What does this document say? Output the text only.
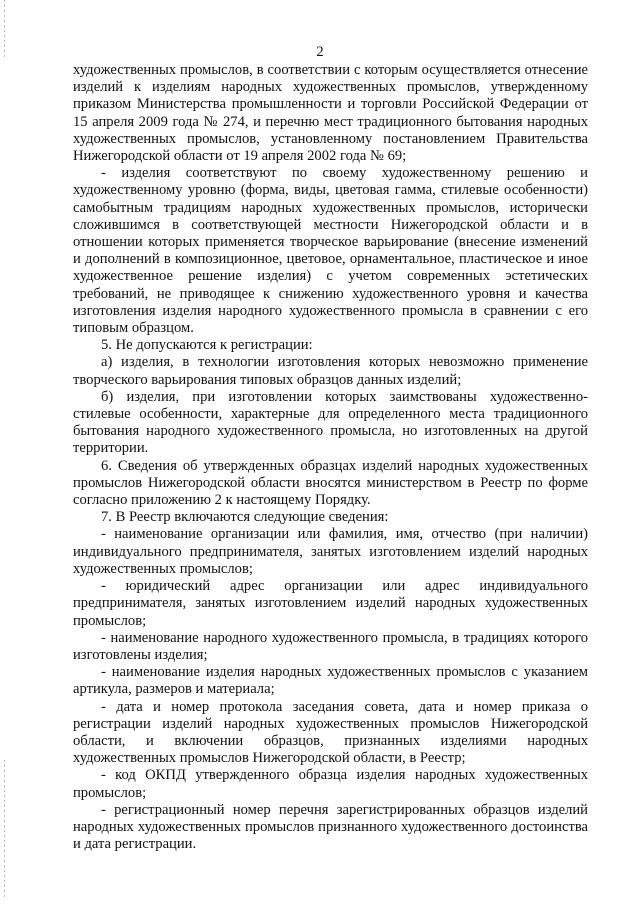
2

художественных промыслов, в соответствии с которым осуществляется отнесение изделий к изделиям народных художественных промыслов, утвержденному приказом Министерства промышленности и торговли Российской Федерации от 15 апреля 2009 года № 274, и перечню мест традиционного бытования народных художественных промыслов, установленному постановлением Правительства Нижегородской области от 19 апреля 2002 года № 69;

- изделия соответствуют по своему художественному решению и художественному уровню (форма, виды, цветовая гамма, стилевые особенности) самобытным традициям народных художественных промыслов, исторически сложившимся в соответствующей местности Нижегородской области и в отношении которых применяется творческое варьирование (внесение изменений и дополнений в композиционное, цветовое, орнаментальное, пластическое и иное художественное решение изделия) с учетом современных эстетических требований, не приводящее к снижению художественного уровня и качества изготовления изделия народного художественного промысла в сравнении с его типовым образцом.

5. Не допускаются к регистрации:

а) изделия, в технологии изготовления которых невозможно применение творческого варьирования типовых образцов данных изделий;

б) изделия, при изготовлении которых заимствованы художественно-стилевые особенности, характерные для определенного места традиционного бытования народного художественного промысла, но изготовленных на другой территории.

6. Сведения об утвержденных образцах изделий народных художественных промыслов Нижегородской области вносятся министерством в Реестр по форме согласно приложению 2 к настоящему Порядку.

7. В Реестр включаются следующие сведения:

- наименование организации или фамилия, имя, отчество (при наличии) индивидуального предпринимателя, занятых изготовлением изделий народных художественных промыслов;

- юридический адрес организации или адрес индивидуального предпринимателя, занятых изготовлением изделий народных художественных промыслов;

- наименование народного художественного промысла, в традициях которого изготовлены изделия;

- наименование изделия народных художественных промыслов с указанием артикула, размеров и материала;

- дата и номер протокола заседания совета, дата и номер приказа о регистрации изделий народных художественных промыслов Нижегородской области, и включении образцов, признанных изделиями народных художественных промыслов Нижегородской области, в Реестр;

- код ОКПД утвержденного образца изделия народных художественных промыслов;

- регистрационный номер перечня зарегистрированных образцов изделий народных художественных промыслов признанного художественного достоинства и дата регистрации.
